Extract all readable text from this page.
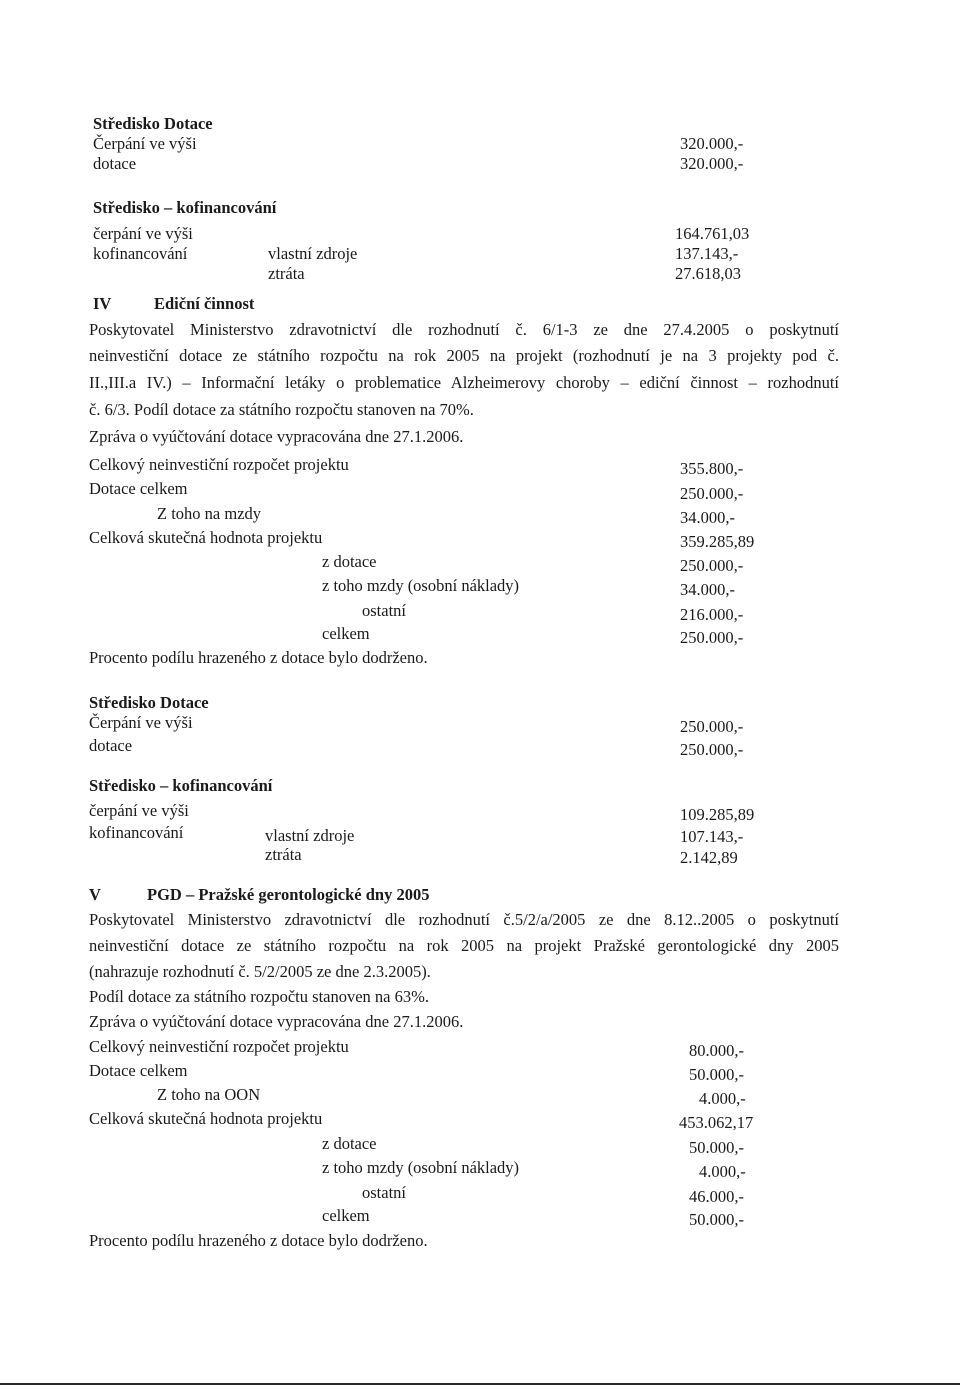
Středisko Dotace
Čerpání ve výši	320.000,-
dotace	320.000,-
Středisko – kofinancování
čerpání ve výši	164.761,03
kofinancování	vlastní zdroje	137.143,-
ztráta	27.618,03
IV	Ediční činnost
Poskytovatel Ministerstvo zdravotnictví dle rozhodnutí č. 6/1-3 ze dne 27.4.2005 o poskytnutí
neinvestiční dotace ze státního rozpočtu na rok 2005 na projekt (rozhodnutí je na 3 projekty pod č.
II.,III.a IV.) – Informační letáky o problematice Alzheimerovy choroby – ediční činnost – rozhodnutí
č. 6/3. Podíl dotace za státního rozpočtu stanoven na 70%.
Zpráva o vyúčtování dotace vypracována dne 27.1.2006.
Celkový neinvestiční rozpočet projektu	355.800,-
Dotace celkem	250.000,-
Z toho na mzdy	34.000,-
Celková skutečná hodnota projektu	359.285,89
z dotace	250.000,-
z toho mzdy (osobní náklady)	34.000,-
ostatní	216.000,-
celkem	250.000,-
Procento podílu hrazeného z dotace bylo dodrženo.
Středisko Dotace
Čerpání ve výši	250.000,-
dotace	250.000,-
Středisko – kofinancování
čerpání ve výši	109.285,89
kofinancování	vlastní zdroje	107.143,-
ztráta	2.142,89
V	PGD – Pražské gerontologické dny 2005
Poskytovatel Ministerstvo zdravotnictví dle rozhodnutí č.5/2/a/2005 ze dne 8.12..2005 o poskytnutí
neinvestiční dotace ze státního rozpočtu na rok 2005 na projekt Pražské gerontologické dny 2005
(nahrazuje rozhodnutí č. 5/2/2005 ze dne 2.3.2005).
Podíl dotace za státního rozpočtu stanoven na 63%.
Zpráva o vyúčtování dotace vypracována dne 27.1.2006.
Celkový neinvestiční rozpočet projektu	80.000,-
Dotace celkem	50.000,-
Z toho na OON	4.000,-
Celková skutečná hodnota projektu	453.062,17
z dotace	50.000,-
z toho mzdy (osobní náklady)	4.000,-
ostatní	46.000,-
celkem	50.000,-
Procento podílu hrazeného z dotace bylo dodrženo.
